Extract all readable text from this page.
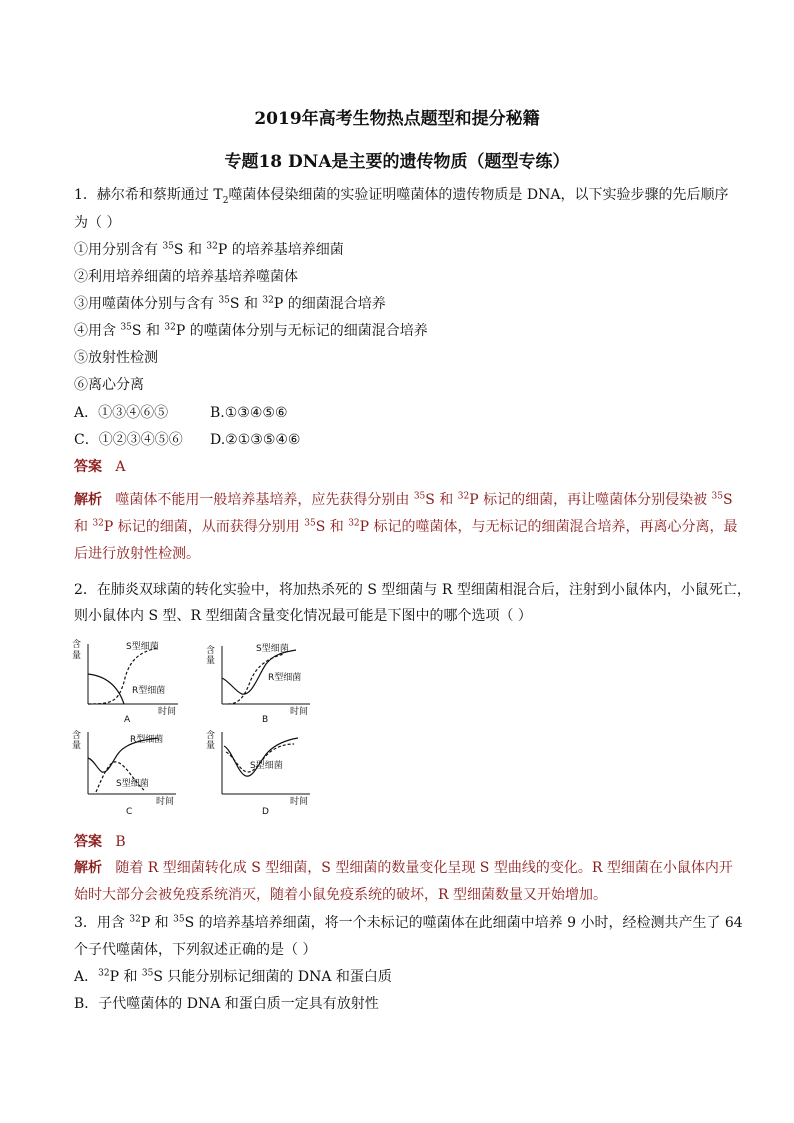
2019年高考生物热点题型和提分秘籍
专题18 DNA是主要的遗传物质（题型专练）
1．赫尔希和蔡斯通过 $T_2$噬菌体侵染细菌的实验证明噬菌体的遗传物质是 DNA，以下实验步骤的先后顺序
为（ ）
①用分别含有 $^{35}$S 和 $^{32}$P 的培养基培养细菌
②利用培养细菌的培养基培养噬菌体
③用噬菌体分别与含有 $^{35}$S 和 $^{32}$P 的细菌混合培养
④用含 $^{35}$S 和 $^{32}$P 的噬菌体分别与无标记的细菌混合培养
⑤放射性检测
⑥离心分离
A．①③④⑥⑤	B.①③④⑤⑥
C．①②③④⑤⑥ D.②①③⑤④⑥
答案 A
解析 噬菌体不能用一般培养基培养，应先获得分别由 $^{35}$S 和 $^{32}$P 标记的细菌，再让噬菌体分别侵染被 $^{35}$S
和 $^{32}$P 标记的细菌，从而获得分别用 $^{35}$S 和 $^{32}$P 标记的噬菌体，与无标记的细菌混合培养，再离心分离，最
后进行放射性检测。
2．在肺炎双球菌的转化实验中，将加热杀死的 S 型细菌与 R 型细菌相混合后，注射到小鼠体内，小鼠死亡，
则小鼠体内 S 型、R 型细菌含量变化情况最可能是下图中的哪个选项（ ）
含
量
S型细菌
R型细菌
时间
A
含
量
S型细菌
R型细菌
时间
B
含
量
R型细菌
S型细菌
时间
C
含
量
S型细菌
时间
D
答案 B
解析 随着 R 型细菌转化成 S 型细菌，S 型细菌的数量变化呈现 S 型曲线的变化。R 型细菌在小鼠体内开
始时大部分会被免疫系统消灭，随着小鼠免疫系统的破坏，R 型细菌数量又开始增加。
3．用含 $^{32}$P 和 $^{35}$S 的培养基培养细菌，将一个未标记的噬菌体在此细菌中培养 9 小时，经检测共产生了 64
个子代噬菌体，下列叙述正确的是（ ）
A．$^{32}$P 和 $^{35}$S 只能分别标记细菌的 DNA 和蛋白质
B．子代噬菌体的 DNA 和蛋白质一定具有放射性
